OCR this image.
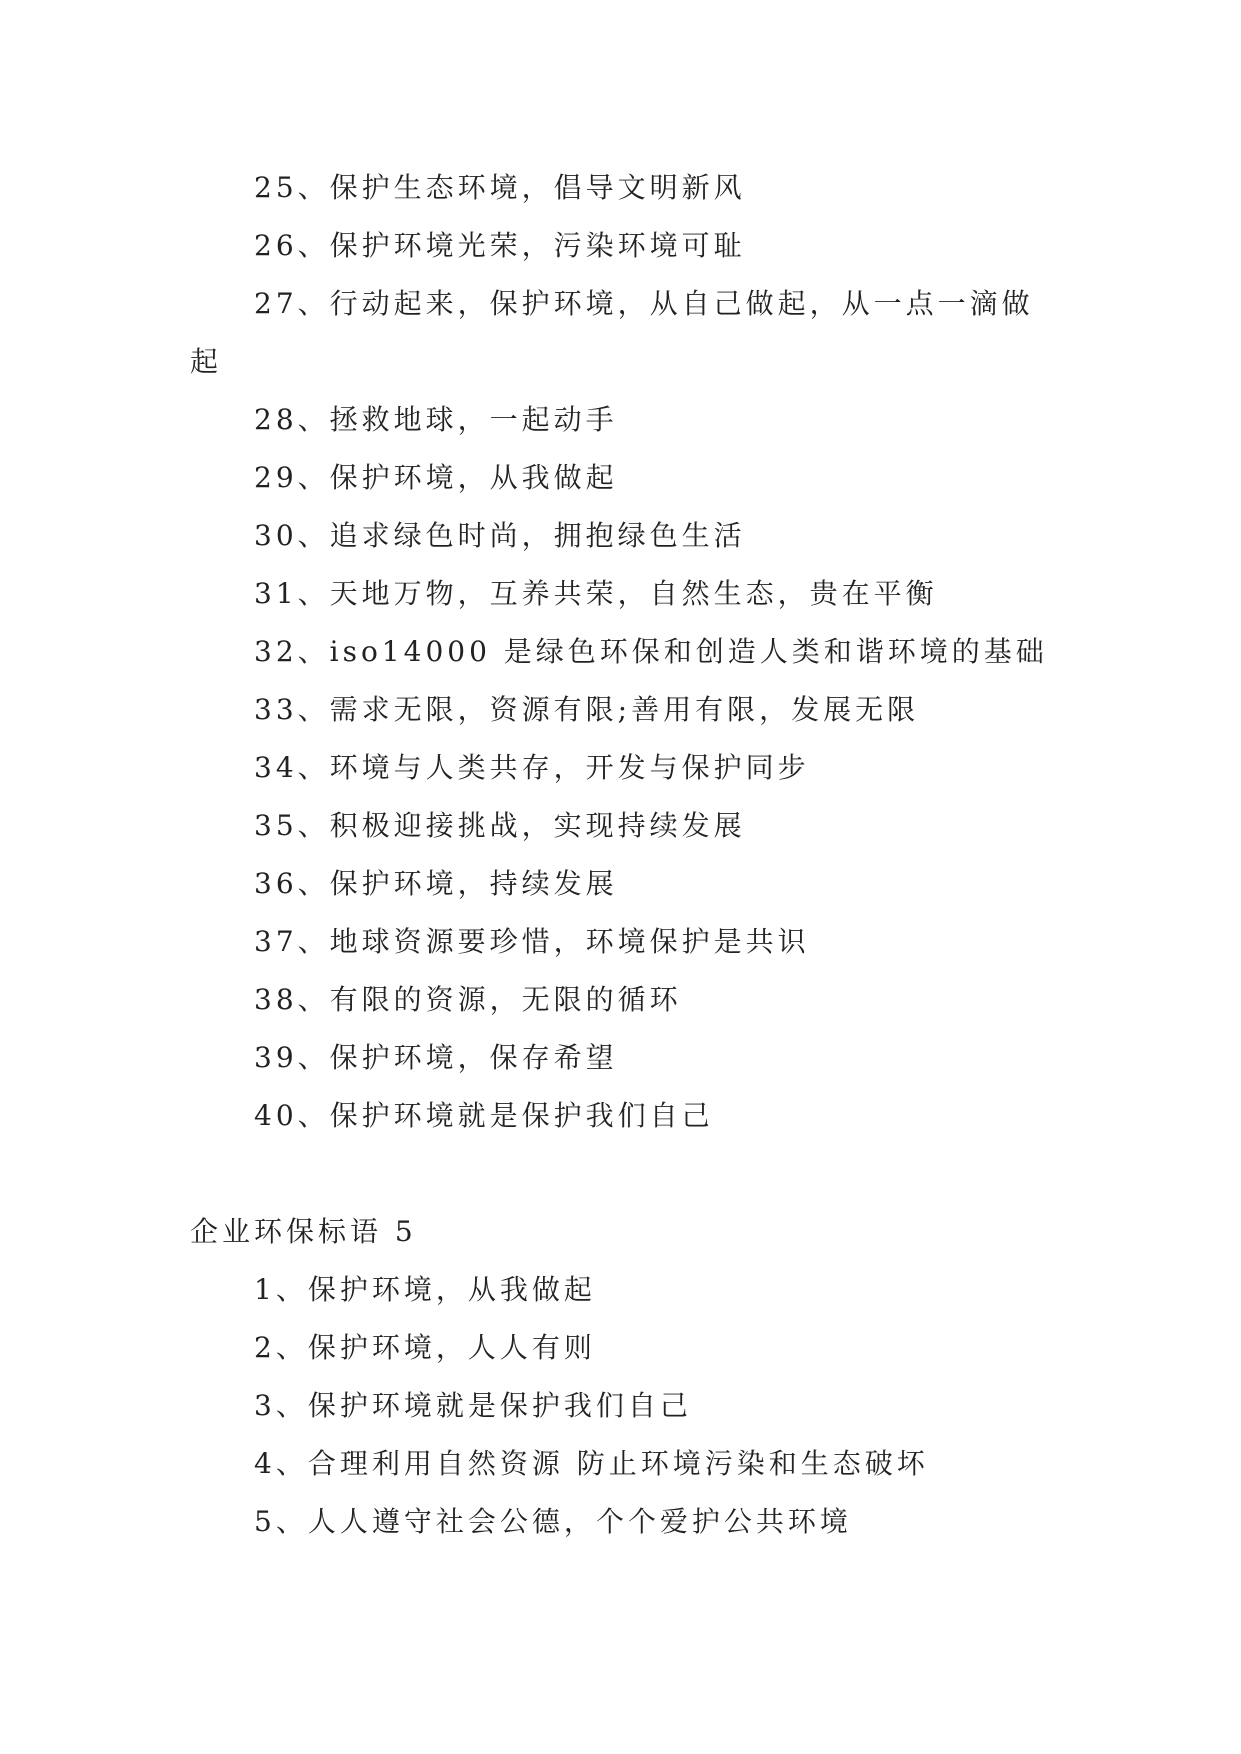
25、保护生态环境，倡导文明新风
26、保护环境光荣，污染环境可耻
27、行动起来，保护环境，从自己做起，从一点一滴做
起
28、拯救地球，一起动手
29、保护环境，从我做起
30、追求绿色时尚，拥抱绿色生活
31、天地万物，互养共荣，自然生态，贵在平衡
32、iso14000 是绿色环保和创造人类和谐环境的基础
33、需求无限，资源有限;善用有限，发展无限
34、环境与人类共存，开发与保护同步
35、积极迎接挑战，实现持续发展
36、保护环境，持续发展
37、地球资源要珍惜，环境保护是共识
38、有限的资源，无限的循环
39、保护环境，保存希望
40、保护环境就是保护我们自己
企业环保标语 5
1、保护环境，从我做起
2、保护环境，人人有则
3、保护环境就是保护我们自己
4、合理利用自然资源 防止环境污染和生态破坏
5、人人遵守社会公德，个个爱护公共环境
